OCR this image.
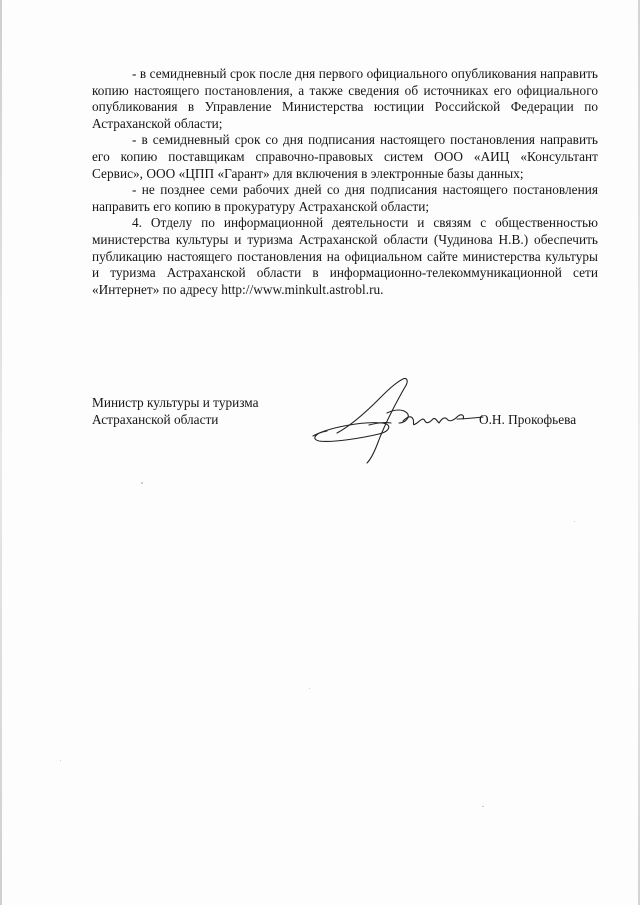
- в семидневный срок после дня первого официального опубликования направить копию настоящего постановления, а также сведения об источниках его официального опубликования в Управление Министерства юстиции Российской Федерации по Астраханской области;

- в семидневный срок со дня подписания настоящего постановления направить его копию поставщикам справочно-правовых систем ООО «АИЦ «Консультант Сервис», ООО «ЦПП «Гарант» для включения в электронные базы данных;

- не позднее семи рабочих дней со дня подписания настоящего постановления направить его копию в прокуратуру Астраханской области;

4. Отделу по информационной деятельности и связям с общественностью министерства культуры и туризма Астраханской области (Чудинова Н.В.) обеспечить публикацию настоящего постановления на официальном сайте министерства культуры и туризма Астраханской области в информационно-телекоммуникационной сети «Интернет» по адресу http://www.minkult.astrobl.ru.

Министр культуры и туризма
Астраханской области	О.Н. Прокофьева
